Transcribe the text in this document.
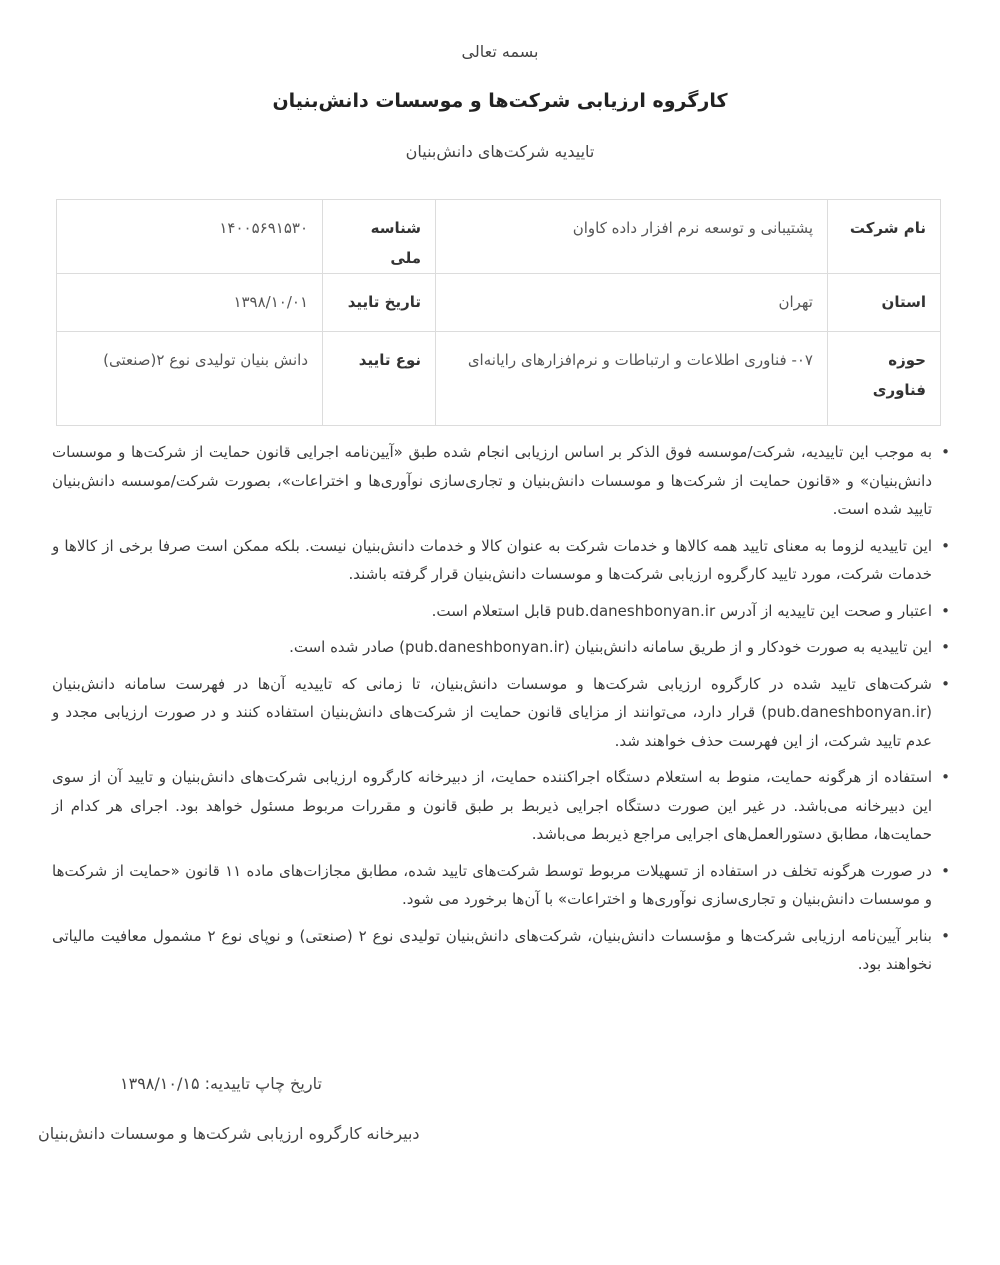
بسمه تعالی
کارگروه ارزیابی شرکت‌ها و موسسات دانش‌بنیان
تاییدیه شرکت‌های دانش‌بنیان
نام شرکت	پشتیبانی و توسعه نرم افزار داده کاوان	شناسه ملی	۱۴۰۰۵۶۹۱۵۳۰
استان	تهران	تاریخ تایید	۱۳۹۸/۱۰/۰۱
حوزه فناوری	۰۷- فناوری اطلاعات و ارتباطات و نرم‌افزارهای رایانه‌ای	نوع تایید	دانش بنیان تولیدی نوع ۲(صنعتی)
• به موجب این تاییدیه، شرکت/موسسه فوق الذکر بر اساس ارزیابی انجام شده طبق «آیین‌نامه اجرایی قانون حمایت از شرکت‌ها و موسسات دانش‌بنیان» و «قانون حمایت از شرکت‌ها و موسسات دانش‌بنیان و تجاری‌سازی نوآوری‌ها و اختراعات»، بصورت شرکت/موسسه دانش‌بنیان تایید شده است.
• این تاییدیه لزوما به معنای تایید همه کالاها و خدمات شرکت به عنوان کالا و خدمات دانش‌بنیان نیست. بلکه ممکن است صرفا برخی از کالاها و خدمات شرکت، مورد تایید کارگروه ارزیابی شرکت‌ها و موسسات دانش‌بنیان قرار گرفته باشند.
• اعتبار و صحت این تاییدیه از آدرس pub.daneshbonyan.ir قابل استعلام است.
• این تاییدیه به صورت خودکار و از طریق سامانه دانش‌بنیان (pub.daneshbonyan.ir) صادر شده است.
• شرکت‌های تایید شده در کارگروه ارزیابی شرکت‌ها و موسسات دانش‌بنیان، تا زمانی که تاییدیه آن‌ها در فهرست سامانه دانش‌بنیان (pub.daneshbonyan.ir) قرار دارد، می‌توانند از مزایای قانون حمایت از شرکت‌های دانش‌بنیان استفاده کنند و در صورت ارزیابی مجدد و عدم تایید شرکت، از این فهرست حذف خواهند شد.
• استفاده از هرگونه حمایت، منوط به استعلام دستگاه اجراکننده حمایت، از دبیرخانه کارگروه ارزیابی شرکت‌های دانش‌بنیان و تایید آن از سوی این دبیرخانه می‌باشد. در غیر این صورت دستگاه اجرایی ذیربط بر طبق قانون و مقررات مربوط مسئول خواهد بود. اجرای هر کدام از حمایت‌ها، مطابق دستورالعمل‌های اجرایی مراجع ذیربط می‌باشد.
• در صورت هرگونه تخلف در استفاده از تسهیلات مربوط توسط شرکت‌های تایید شده، مطابق مجازات‌های ماده ۱۱ قانون «حمایت از شرکت‌ها و موسسات دانش‌بنیان و تجاری‌سازی نوآوری‌ها و اختراعات» با آن‌ها برخورد می شود.
• بنابر آیین‌نامه ارزیابی شرکت‌ها و مؤسسات دانش‌بنیان، شرکت‌های دانش‌بنیان تولیدی نوع ۲ (صنعتی) و نوپای نوع ۲ مشمول معافیت مالیاتی نخواهند بود.
تاریخ چاپ تاییدیه: ۱۳۹۸/۱۰/۱۵
دبیرخانه کارگروه ارزیابی شرکت‌ها و موسسات دانش‌بنیان
